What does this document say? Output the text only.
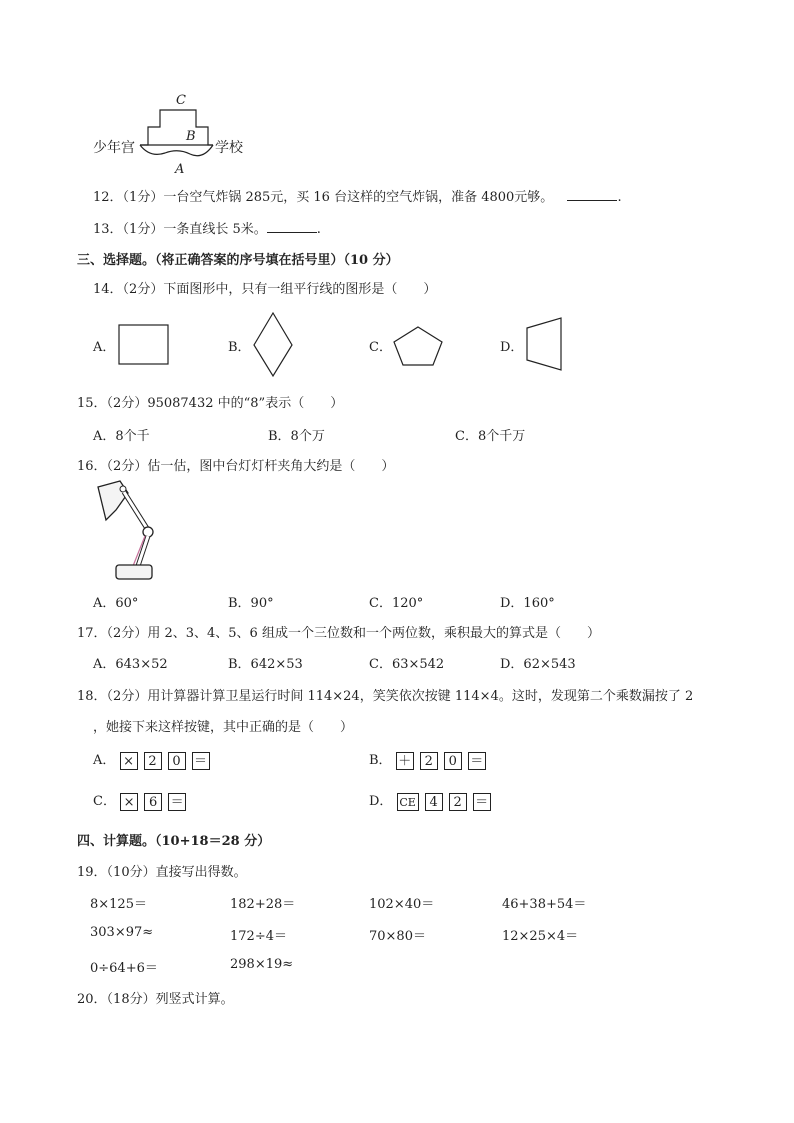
少年宫	学校
C
B
A
12．（1分）一台空气炸锅 285元，买 16 台这样的空气炸锅，准备 4800元够。	.
13．（1分）一条直线长 5米。	.
三、选择题。（将正确答案的序号填在括号里）（10 分）
14．（2分）下面图形中，只有一组平行线的图形是（　　）
A．	B．	C．	D．
15．（2分）95087432 中的“8”表示（　　）
A．8个千	B．8个万	C．8个千万
16．（2分）估一估，图中台灯灯杆夹角大约是（　　）
A．60°	B．90°	C．120°	D．160°
17．（2分）用 2、3、4、5、6 组成一个三位数和一个两位数，乘积最大的算式是（　　）
A．643×52	B．642×53	C．63×542	D．62×543
18．（2分）用计算器计算卫星运行时间 114×24，笑笑依次按键 114×4。这时，发现第二个乘数漏按了 2
，她接下来这样按键，其中正确的是（　　）
A． × 2 0 ＝	B． ＋ 2 0 ＝
C． × 6 ＝	D． CE 4 2 ＝
四、计算题。（10+18＝28 分）
19．（10分）直接写出得数。
8×125＝	182+28＝	102×40＝	46+38+54＝
303×97≈	172÷4＝	70×80＝	12×25×4＝
0÷64+6＝	298×19≈
20．（18分）列竖式计算。
